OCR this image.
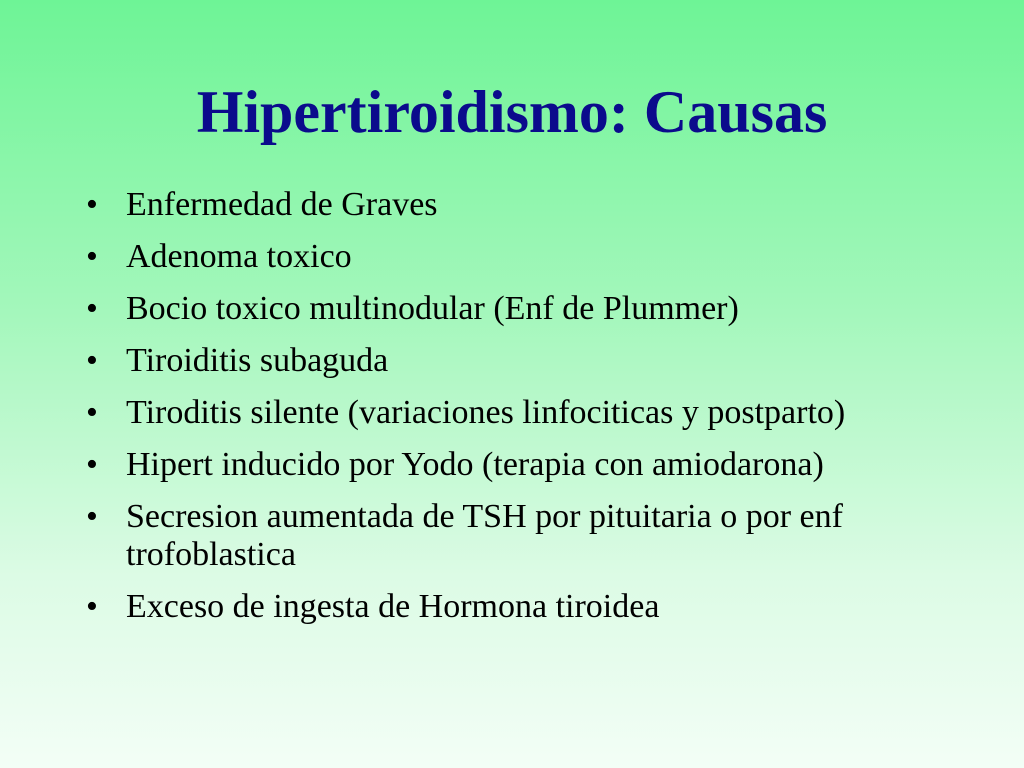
Hipertiroidismo: Causas
• Enfermedad de Graves
• Adenoma toxico
• Bocio toxico multinodular (Enf de Plummer)
• Tiroiditis subaguda
• Tiroditis silente (variaciones linfociticas y postparto)
• Hipert inducido por Yodo (terapia con amiodarona)
• Secresion aumentada de TSH por pituitaria o por enf trofoblastica
• Exceso de ingesta de Hormona tiroidea
